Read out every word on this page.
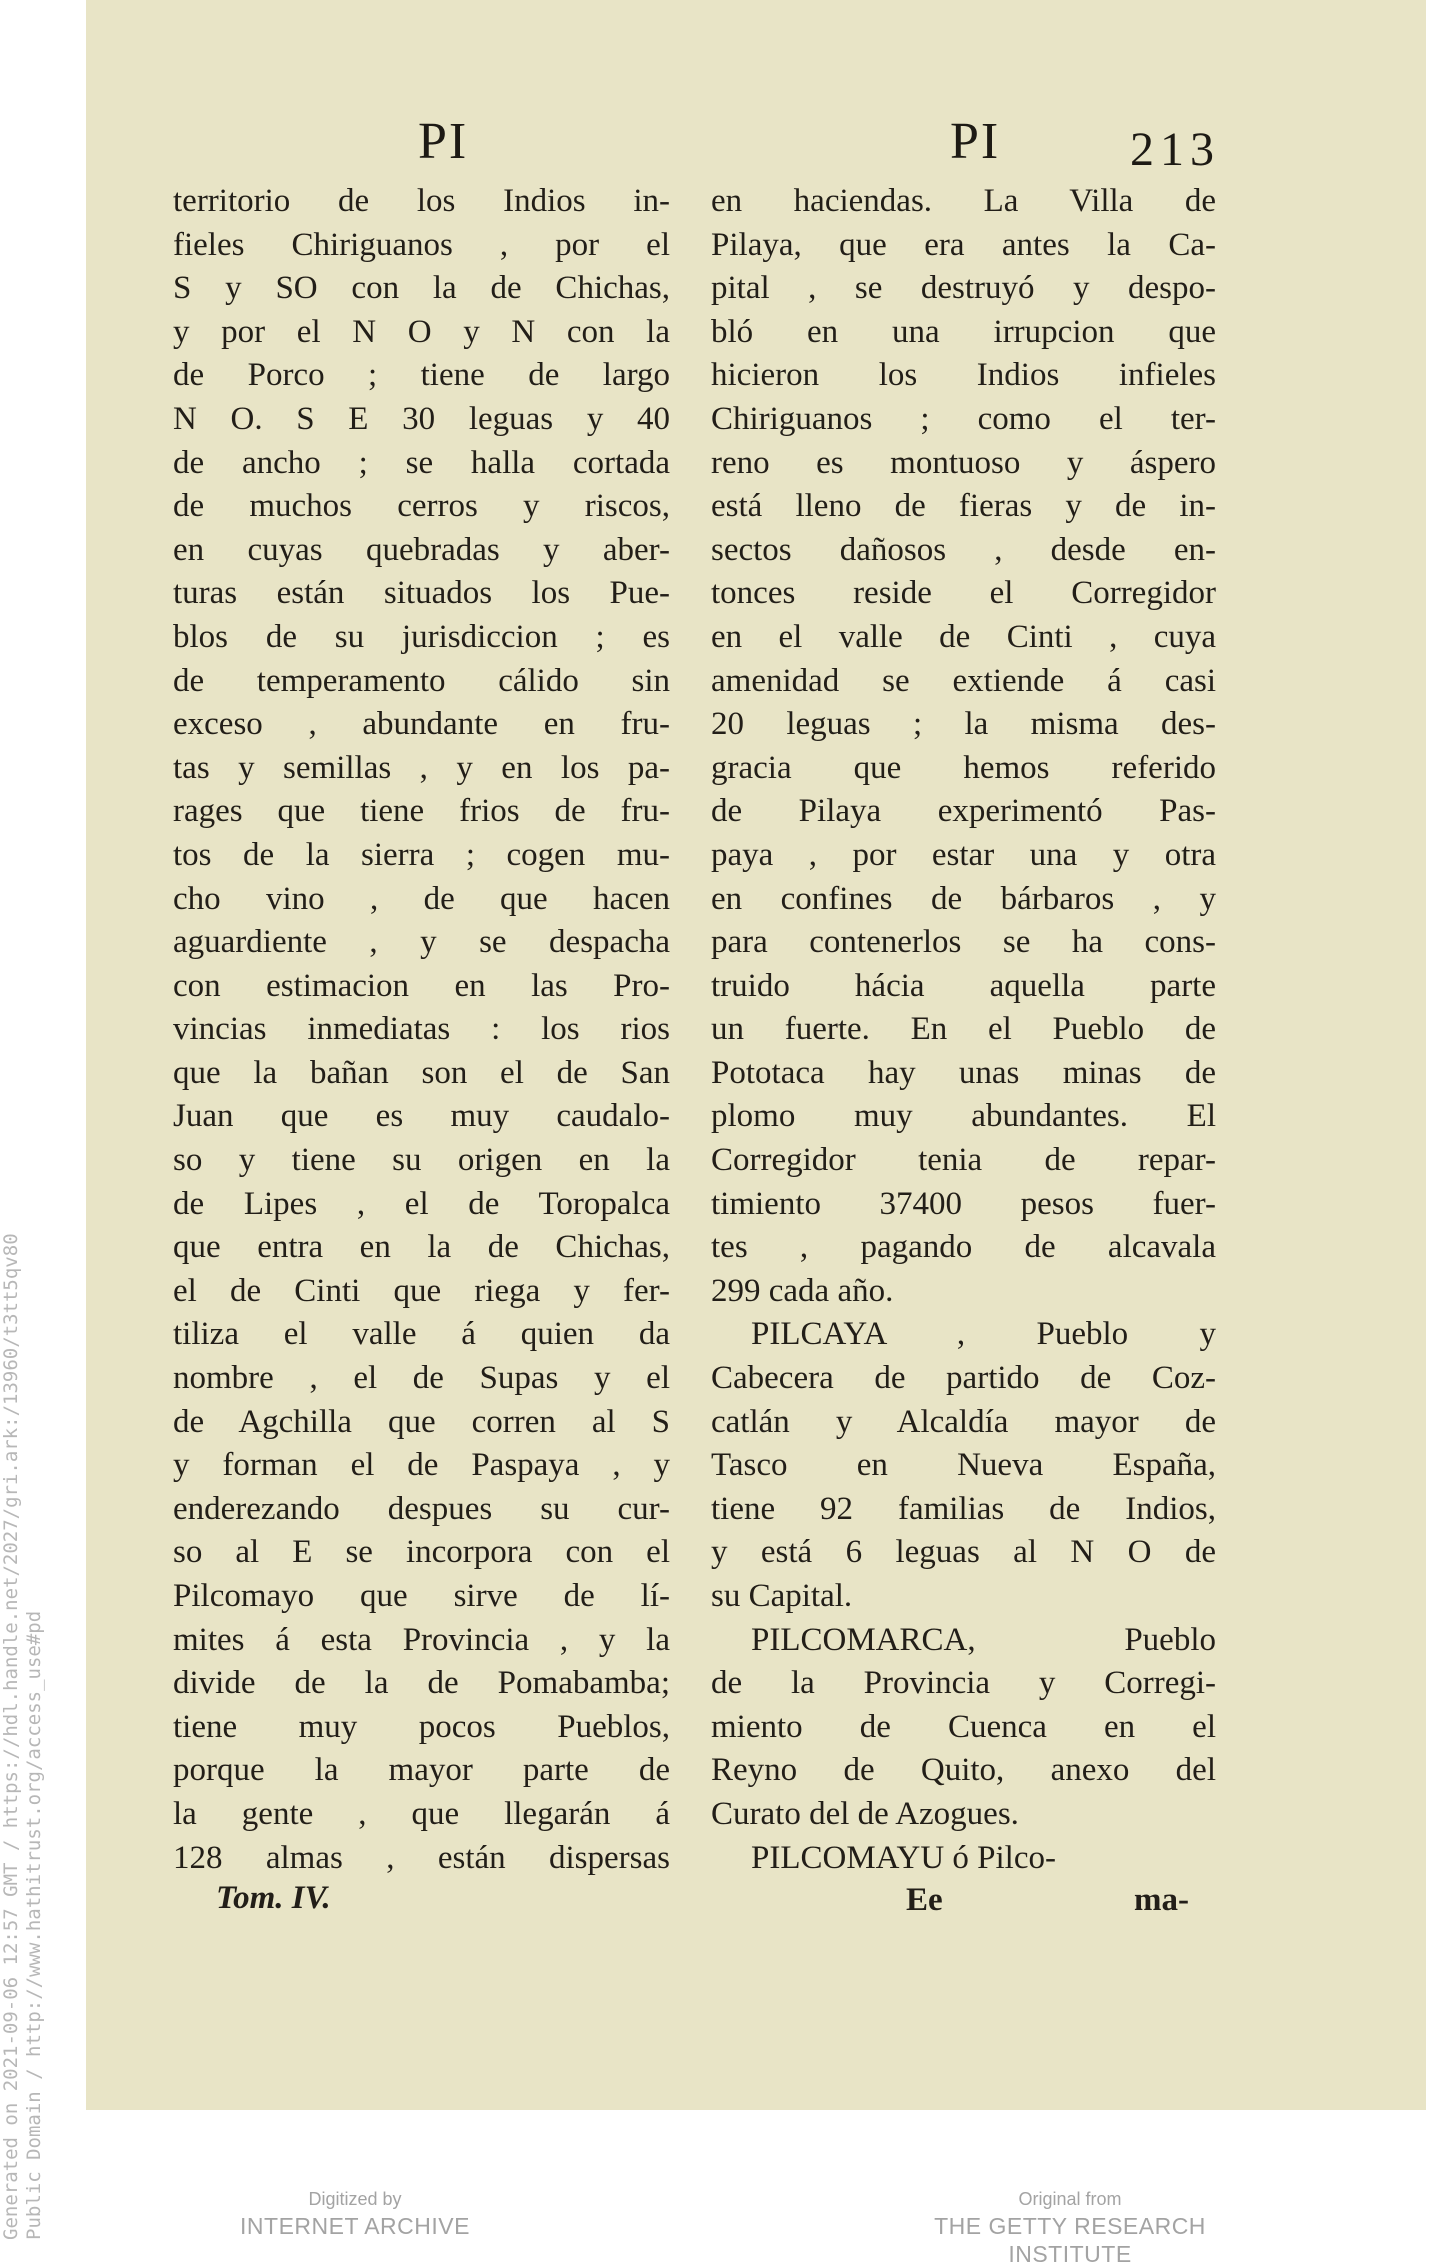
PI	PI	213
territorio de los Indios in-
fieles Chiriguanos , por el
S y SO con la de Chichas,
y por el N O y N con la
de Porco ; tiene de largo
N O. S E 30 leguas y 40
de ancho ; se halla cortada
de muchos cerros y riscos,
en cuyas quebradas y aber-
turas están situados los Pue-
blos de su jurisdiccion ; es
de temperamento cálido sin
exceso , abundante en fru-
tas y semillas , y en los pa-
rages que tiene frios de fru-
tos de la sierra ; cogen mu-
cho vino , de que hacen
aguardiente , y se despacha
con estimacion en las Pro-
vincias inmediatas : los rios
que la bañan son el de San
Juan que es muy caudalo-
so y tiene su origen en la
de Lipes , el de Toropalca
que entra en la de Chichas,
el de Cinti que riega y fer-
tiliza el valle á quien da
nombre , el de Supas y el
de Agchilla que corren al S
y forman el de Paspaya , y
enderezando despues su cur-
so al E se incorpora con el
Pilcomayo que sirve de lí-
mites á esta Provincia , y la
divide de la de Pomabamba;
tiene muy pocos Pueblos,
porque la mayor parte de
la gente , que llegarán á
128 almas , están dispersas
en haciendas. La Villa de
Pilaya, que era antes la Ca-
pital , se destruyó y despo-
bló en una irrupcion que
hicieron los Indios infieles
Chiriguanos ; como el ter-
reno es montuoso y áspero
está lleno de fieras y de in-
sectos dañosos , desde en-
tonces reside el Corregidor
en el valle de Cinti , cuya
amenidad se extiende á casi
20 leguas ; la misma des-
gracia que hemos referido
de Pilaya experimentó Pas-
paya , por estar una y otra
en confines de bárbaros , y
para contenerlos se ha cons-
truido hácia aquella parte
un fuerte. En el Pueblo de
Pototaca hay unas minas de
plomo muy abundantes. El
Corregidor tenia de repar-
timiento 37400 pesos fuer-
tes , pagando de alcavala
299 cada año.
PILCAYA , Pueblo y
Cabecera de partido de Coz-
catlán y Alcaldía mayor de
Tasco en Nueva España,
tiene 92 familias de Indios,
y está 6 leguas al N O de
su Capital.
PILCOMARCA, Pueblo
de la Provincia y Corregi-
miento de Cuenca en el
Reyno de Quito, anexo del
Curato del de Azogues.
PILCOMAYU ó Pilco-
Tom. IV.	Ee	ma-
Generated on 2021-09-06 12:57 GMT / https://hdl.handle.net/2027/gri.ark:/13960/t3tt5qv80 Public Domain / http://www.hathitrust.org/access_use#pd	Digitized by
INTERNET ARCHIVE
Original from
THE GETTY RESEARCH INSTITUTE
